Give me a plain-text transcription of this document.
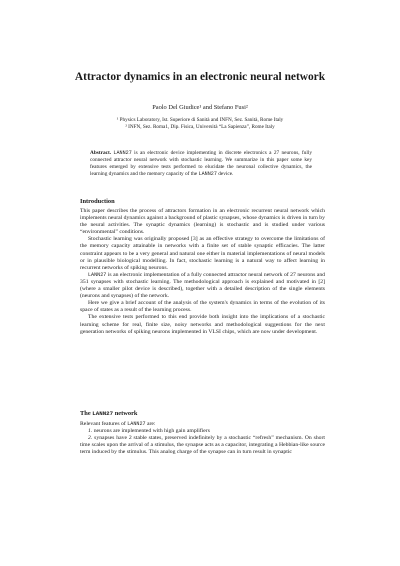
Attractor dynamics in an electronic neural network
Paolo Del Giudice¹ and Stefano Fusi²
¹ Physics Laboratory, Ist. Superiore di Sanità and INFN, Sez. Sanità, Rome Italy
² INFN, Sez. Roma1, Dip. Fisica, Università “La Sapienza”, Rome Italy
Abstract. LANN27 is an electronic device implementing in discrete electronics a 27 neurons, fully connected attractor neural network with stochastic learning. We summarize in this paper some key features emerged by extensive tests performed to elucidate the neuronal collective dynamics, the learning dynamics and the memory capacity of the LANN27 device.
Introduction

This paper describes the process of attractors formation in an electronic recurrent neural network which implements neural dynamics against a background of plastic synapses, whose dynamics is driven in turn by the neural activities. The synaptic dynamics (learning) is stochastic and is studied under various “environmental” conditions.

Stochastic learning was originally proposed [3] as an effective strategy to overcome the limitations of the memory capacity attainable in networks with a finite set of stable synaptic efficacies. The latter constraint appears to be a very general and natural one either in material implementations of neural models or in plausible biological modelling. In fact, stochastic learning is a natural way to affect learning in recurrent networks of spiking neurons.

LANN27 is an electronic implementation of a fully connected attractor neural network of 27 neurons and 351 synapses with stochastic learning. The methodological approach is explained and motivated in [2] (where a smaller pilot device is described), together with a detailed description of the single elements (neurons and synapses) of the network.

Here we give a brief account of the analysis of the system's dynamics in terms of the evolution of its space of states as a result of the learning process.

The extensive tests performed to this end provide both insight into the implications of a stochastic learning scheme for real, finite size, noisy networks and methodological suggestions for the next generation networks of spiking neurons implemented in VLSI chips, which are now under development.

The LANN27 network

Relevant features of LANN27 are:

1. neurons are implemented with high gain amplifiers

2. synapses have 2 stable states, preserved indefinitely by a stochastic “refresh” mechanism. On short time scales upon the arrival of a stimulus, the synapse acts as a capacitor, integrating a Hebbian-like source term induced by the stimulus. This analog charge of the synapse can in turn result in synaptic
